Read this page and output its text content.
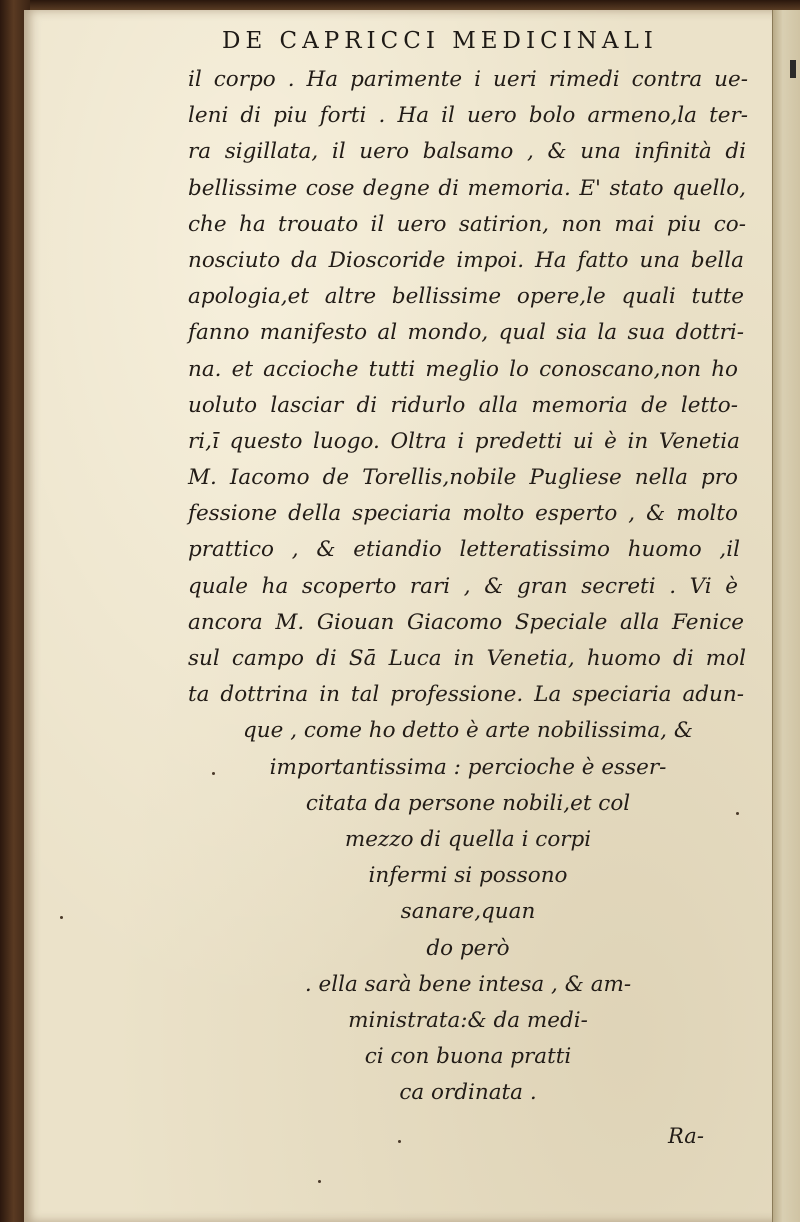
DE CAPRICCI MEDICINALI
il corpo . Ha parimente i ueri rimedi contra ue-
leni di piu forti . Ha il uero bolo armeno,la ter-
ra sigillata, il uero balsamo , & una infinità di
bellissime cose degne di memoria. E' stato quello,
che ha trouato il uero satirion, non mai piu co-
nosciuto da Dioscoride impoi. Ha fatto una bella
apologia,et altre bellissime opere,le quali tutte
fanno manifesto al mondo, qual sia la sua dottri-
na. et accioche tutti meglio lo conoscano,non ho
uoluto lasciar di ridurlo alla memoria de letto-
ri,ī questo luogo. Oltra i predetti ui è in Venetia
M. Iacomo de Torellis,nobile Pugliese nella pro
fessione della speciaria molto esperto , & molto
prattico , & etiandio letteratissimo huomo ,il
quale ha scoperto rari , & gran secreti . Vi è
ancora M. Giouan Giacomo Speciale alla Fenice
sul campo di Sā Luca in Venetia, huomo di mol
ta dottrina in tal professione. La speciaria adun-
que , come ho detto è arte nobilissima, &
importantissima : percioche è esser-
citata da persone nobili,et col
mezzo di quella i corpi
infermi si possono
sanare,quan
do però
. ella sarà bene intesa , & am-
ministrata:& da medi-
ci con buona pratti
ca ordinata .
Ra-
